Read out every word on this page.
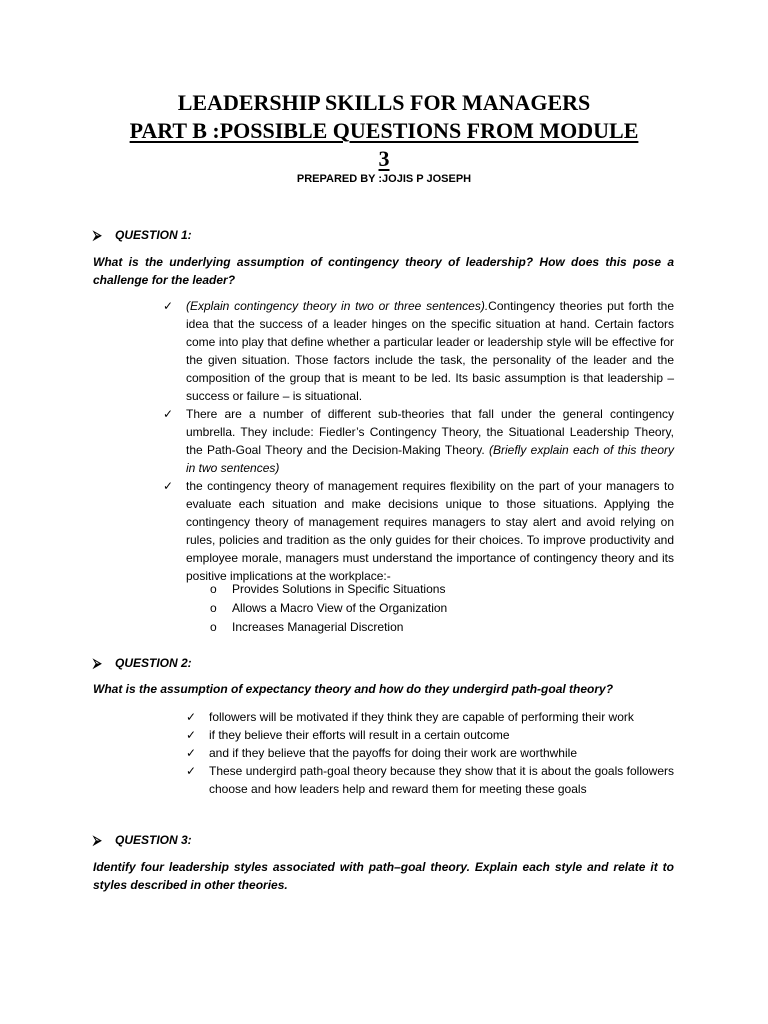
LEADERSHIP SKILLS FOR MANAGERS
PART B :POSSIBLE QUESTIONS FROM MODULE
3
PREPARED BY :JOJIS P JOSEPH
⮚ QUESTION 1:

What is the underlying assumption of contingency theory of leadership? How does this pose a challenge for the leader?

✓ (Explain contingency theory in two or three sentences).Contingency theories put forth the idea that the success of a leader hinges on the specific situation at hand. Certain factors come into play that define whether a particular leader or leadership style will be effective for the given situation. Those factors include the task, the personality of the leader and the composition of the group that is meant to be led. Its basic assumption is that leadership – success or failure – is situational.
✓ There are a number of different sub-theories that fall under the general contingency umbrella. They include: Fiedler’s Contingency Theory, the Situational Leadership Theory, the Path-Goal Theory and the Decision-Making Theory. (Briefly explain each of this theory in two sentences)
✓ the contingency theory of management requires flexibility on the part of your managers to evaluate each situation and make decisions unique to those situations. Applying the contingency theory of management requires managers to stay alert and avoid relying on rules, policies and tradition as the only guides for their choices. To improve productivity and employee morale, managers must understand the importance of contingency theory and its positive implications at the workplace:-
o Provides Solutions in Specific Situations
o Allows a Macro View of the Organization
o Increases Managerial Discretion
⮚ QUESTION 2:

What is the assumption of expectancy theory and how do they undergird path-goal theory?

✓ followers will be motivated if they think they are capable of performing their work
✓ if they believe their efforts will result in a certain outcome
✓ and if they believe that the payoffs for doing their work are worthwhile
✓ These undergird path-goal theory because they show that it is about the goals followers choose and how leaders help and reward them for meeting these goals
⮚ QUESTION 3:

Identify four leadership styles associated with path–goal theory. Explain each style and relate it to styles described in other theories.
